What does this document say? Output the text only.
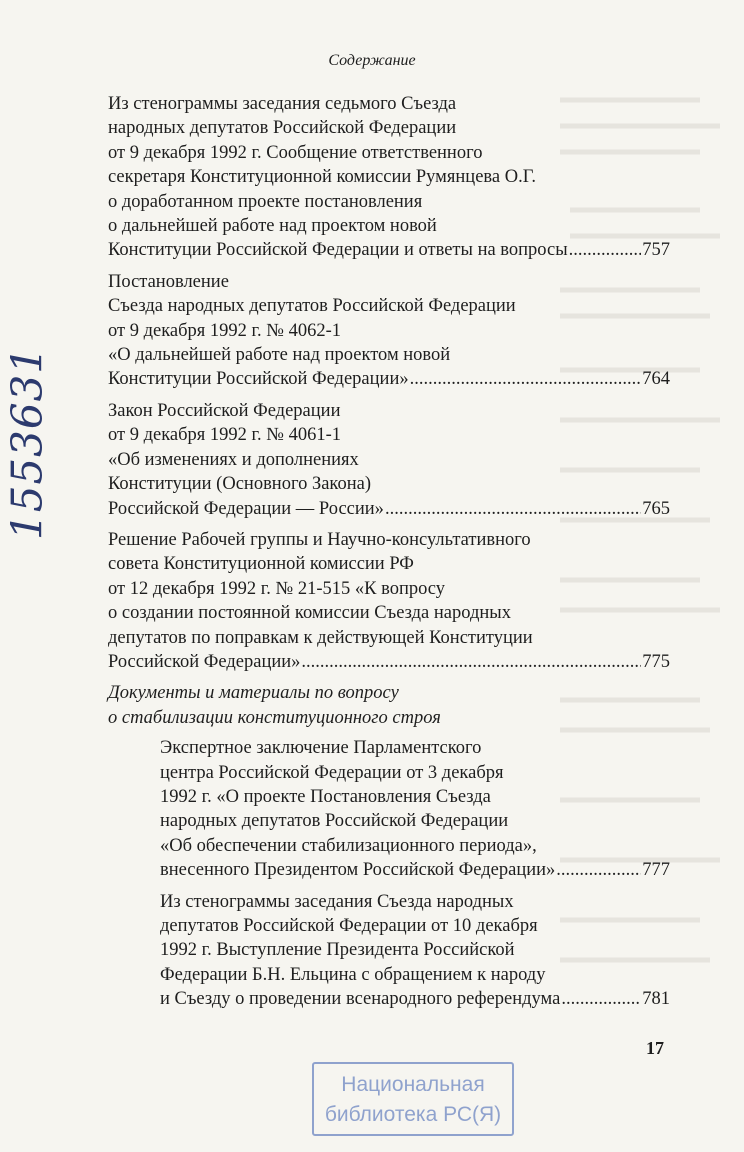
Содержание
1553631
Из стенограммы заседания седьмого Съезда
народных депутатов Российской Федерации
от 9 декабря 1992 г. Сообщение ответственного
секретаря Конституционной комиссии Румянцева О.Г.
о доработанном проекте постановления
о дальнейшей работе над проектом новой
Конституции Российской Федерации и ответы на вопросы .....	757
Постановление
Съезда народных депутатов Российской Федерации
от 9 декабря 1992 г. № 4062-1
«О дальнейшей работе над проектом новой
Конституции Российской Федерации» .....	764
Закон Российской Федерации
от 9 декабря 1992 г. № 4061-1
«Об изменениях и дополнениях
Конституции (Основного Закона)
Российской Федерации — России» .....	765
Решение Рабочей группы и Научно-консультативного
совета Конституционной комиссии РФ
от 12 декабря 1992 г. № 21-515 «К вопросу
о создании постоянной комиссии Съезда народных
депутатов по поправкам к действующей Конституции
Российской Федерации» .....	775
Документы и материалы по вопросу
о стабилизации конституционного строя
Экспертное заключение Парламентского
центра Российской Федерации от 3 декабря
1992 г. «О проекте Постановления Съезда
народных депутатов Российской Федерации
«Об обеспечении стабилизационного периода»,
внесенного Президентом Российской Федерации» .....	777
Из стенограммы заседания Съезда народных
депутатов Российской Федерации от 10 декабря
1992 г. Выступление Президента Российской
Федерации Б.Н. Ельцина с обращением к народу
и Съезду о проведении всенародного референдума .....	781
17
Национальная
библиотека РС(Я)
